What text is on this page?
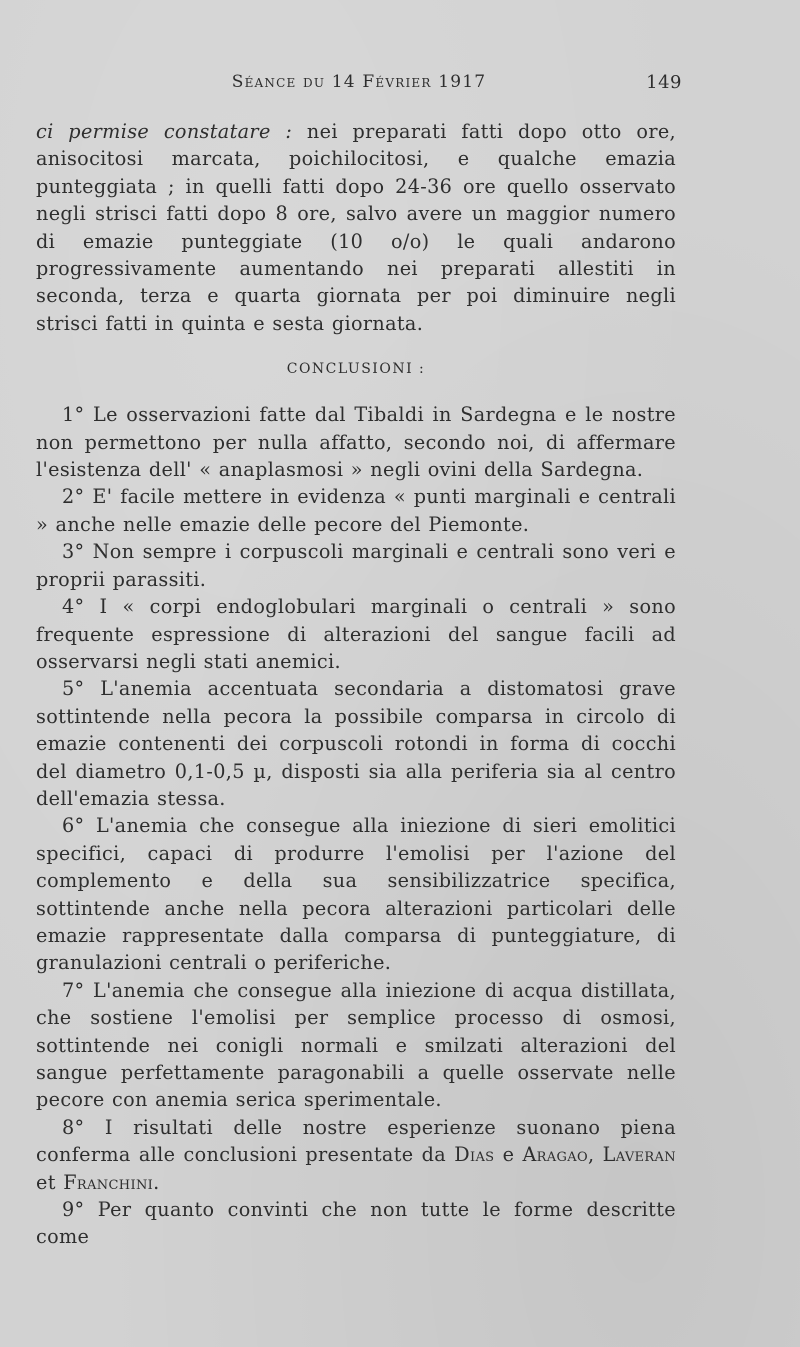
Séance du 14 Février 1917	149

ci permise constatare : nei preparati fatti dopo otto ore, anisocitosi marcata, poichilocitosi, e qualche emazia punteggiata ; in quelli fatti dopo 24-36 ore quello osservato negli strisci fatti dopo 8 ore, salvo avere un maggior numero di emazie punteggiate (10 o/o) le quali andarono progressivamente aumentando nei preparati allestiti in seconda, terza e quarta giornata per poi diminuire negli strisci fatti in quinta e sesta giornata.

CONCLUSIONI :

1° Le osservazioni fatte dal Tibaldi in Sardegna e le nostre non permettono per nulla affatto, secondo noi, di affermare l'esistenza dell' « anaplasmosi » negli ovini della Sardegna.

2° E' facile mettere in evidenza « punti marginali e centrali » anche nelle emazie delle pecore del Piemonte.

3° Non sempre i corpuscoli marginali e centrali sono veri e proprii parassiti.

4° I « corpi endoglobulari marginali o centrali » sono frequente espressione di alterazioni del sangue facili ad osservarsi negli stati anemici.

5° L'anemia accentuata secondaria a distomatosi grave sottintende nella pecora la possibile comparsa in circolo di emazie contenenti dei corpuscoli rotondi in forma di cocchi del diametro 0,1-0,5 µ, disposti sia alla periferia sia al centro dell'emazia stessa.

6° L'anemia che consegue alla iniezione di sieri emolitici specifici, capaci di produrre l'emolisi per l'azione del complemento e della sua sensibilizzatrice specifica, sottintende anche nella pecora alterazioni particolari delle emazie rappresentate dalla comparsa di punteggiature, di granulazioni centrali o periferiche.

7° L'anemia che consegue alla iniezione di acqua distillata, che sostiene l'emolisi per semplice processo di osmosi, sottintende nei conigli normali e smilzati alterazioni del sangue perfettamente paragonabili a quelle osservate nelle pecore con anemia serica sperimentale.

8° I risultati delle nostre esperienze suonano piena conferma alle conclusioni presentate da Dias e Aragao, Laveran et Franchini.

9° Per quanto convinti che non tutte le forme descritte come
